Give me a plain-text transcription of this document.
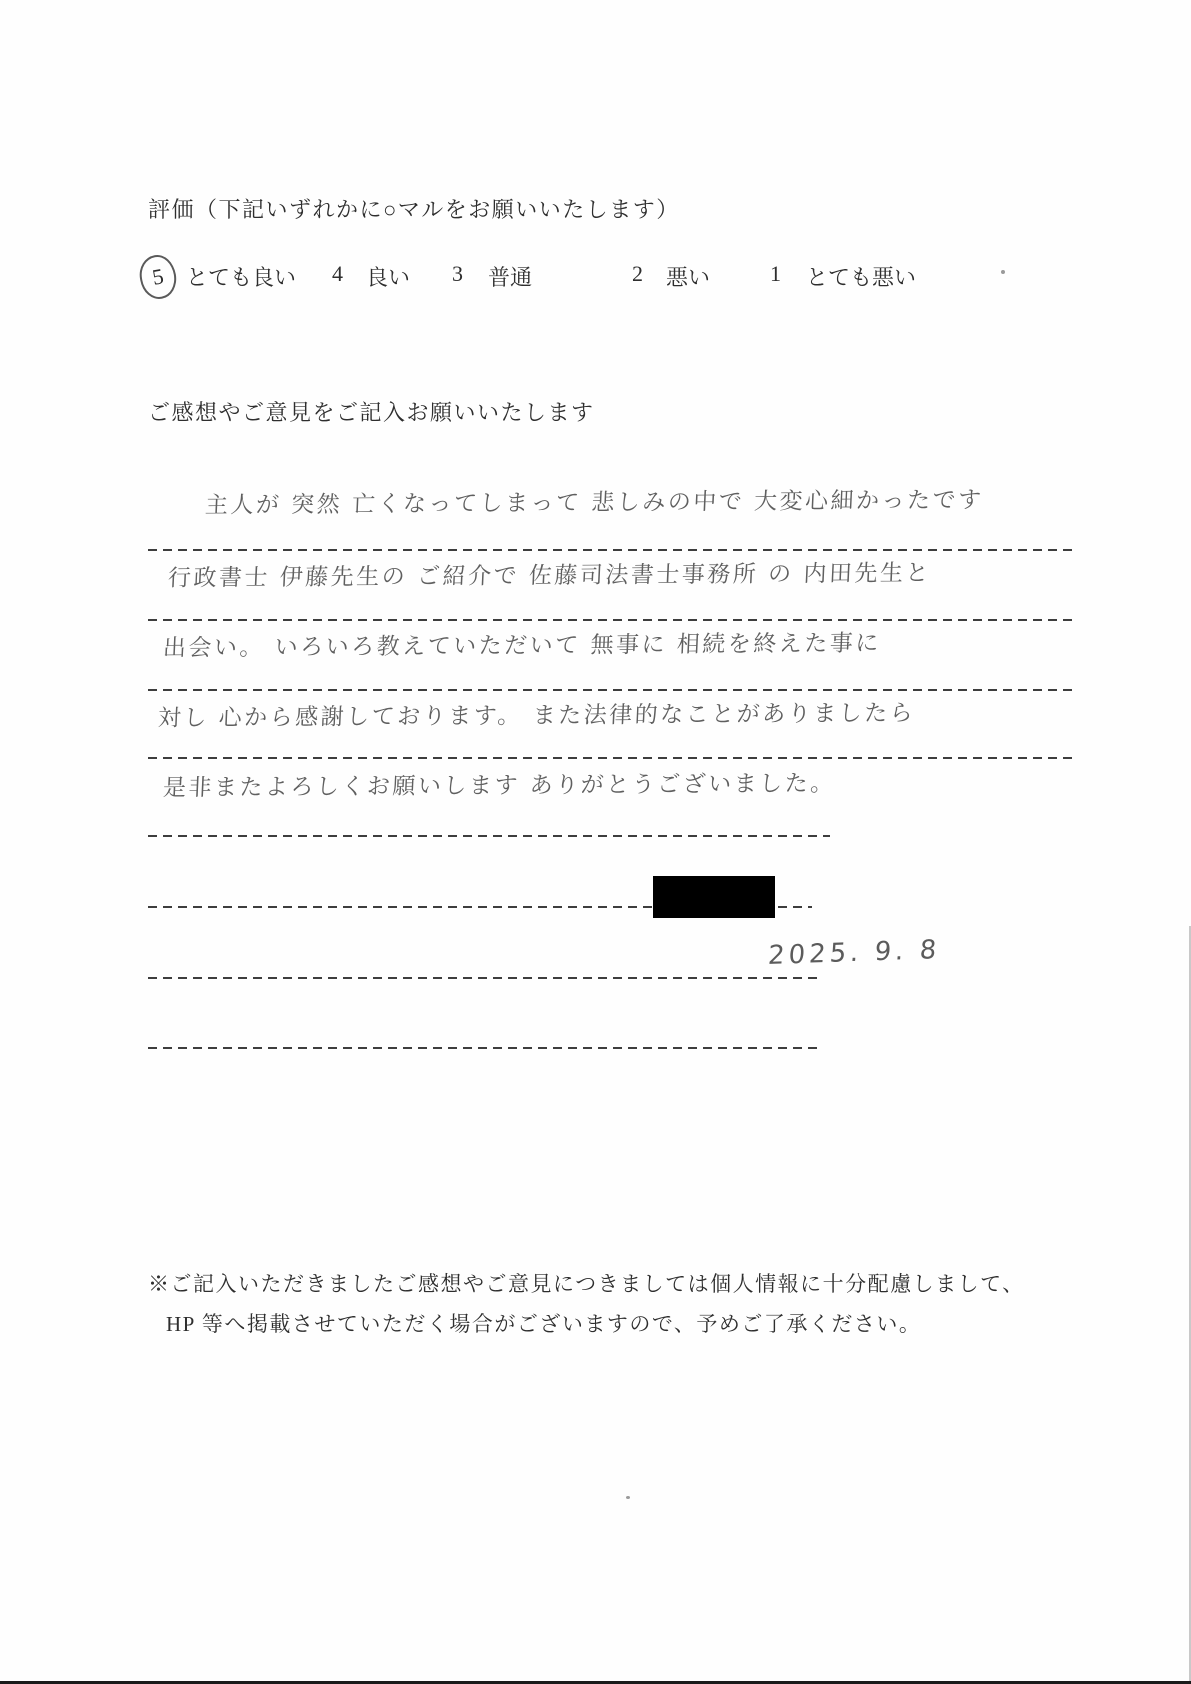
評価（下記いずれかに○マルをお願いいたします）
5 とても良い 4 良い 3 普通	2 悪い	1 とても悪い
ご感想やご意見をご記入お願いいたします
主人が 突然 亡くなってしまって 悲しみの中で 大変心細かったです
行政書士 伊藤先生の ご紹介で 佐藤司法書士事務所 の 内田先生と
出会い。 いろいろ教えていただいて 無事に 相続を終えた事に
対し 心から感謝しております。 また法律的なことがありましたら
是非またよろしくお願いします ありがとうございました。
2025. 9. 8
※ご記入いただきましたご感想やご意見につきましては個人情報に十分配慮しまして、
HP 等へ掲載させていただく場合がございますので、予めご了承ください。
